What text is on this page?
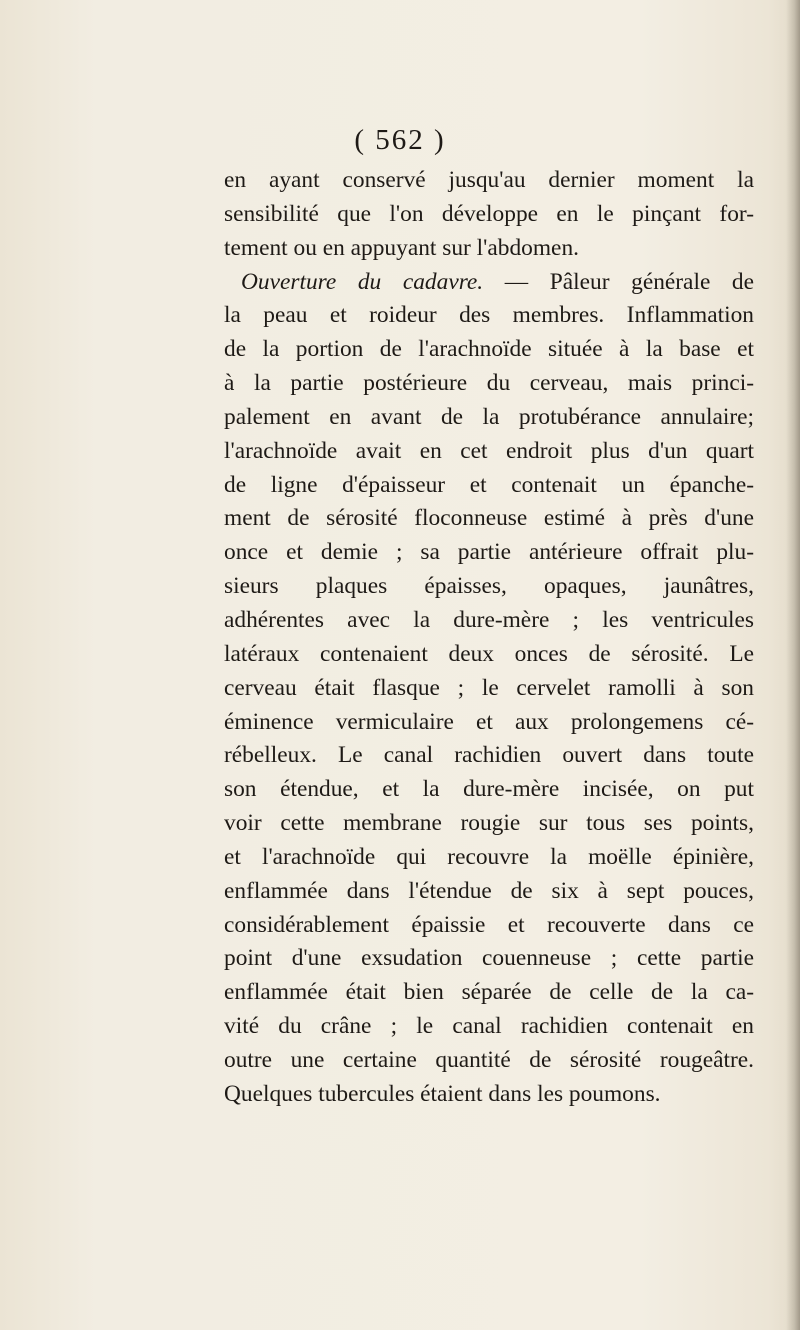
( 562 )
en ayant conservé jusqu'au dernier moment la
sensibilité que l'on développe en le pinçant for-
tement ou en appuyant sur l'abdomen.
Ouverture du cadavre. — Pâleur générale de
la peau et roideur des membres. Inflammation
de la portion de l'arachnoïde située à la base et
à la partie postérieure du cerveau, mais princi-
palement en avant de la protubérance annulaire;
l'arachnoïde avait en cet endroit plus d'un quart
de ligne d'épaisseur et contenait un épanche-
ment de sérosité floconneuse estimé à près d'une
once et demie ; sa partie antérieure offrait plu-
sieurs plaques épaisses, opaques, jaunâtres,
adhérentes avec la dure-mère ; les ventricules
latéraux contenaient deux onces de sérosité. Le
cerveau était flasque ; le cervelet ramolli à son
éminence vermiculaire et aux prolongemens cé-
rébelleux. Le canal rachidien ouvert dans toute
son étendue, et la dure-mère incisée, on put
voir cette membrane rougie sur tous ses points,
et l'arachnoïde qui recouvre la moëlle épinière,
enflammée dans l'étendue de six à sept pouces,
considérablement épaissie et recouverte dans ce
point d'une exsudation couenneuse ; cette partie
enflammée était bien séparée de celle de la ca-
vité du crâne ; le canal rachidien contenait en
outre une certaine quantité de sérosité rougeâtre.
Quelques tubercules étaient dans les poumons.
